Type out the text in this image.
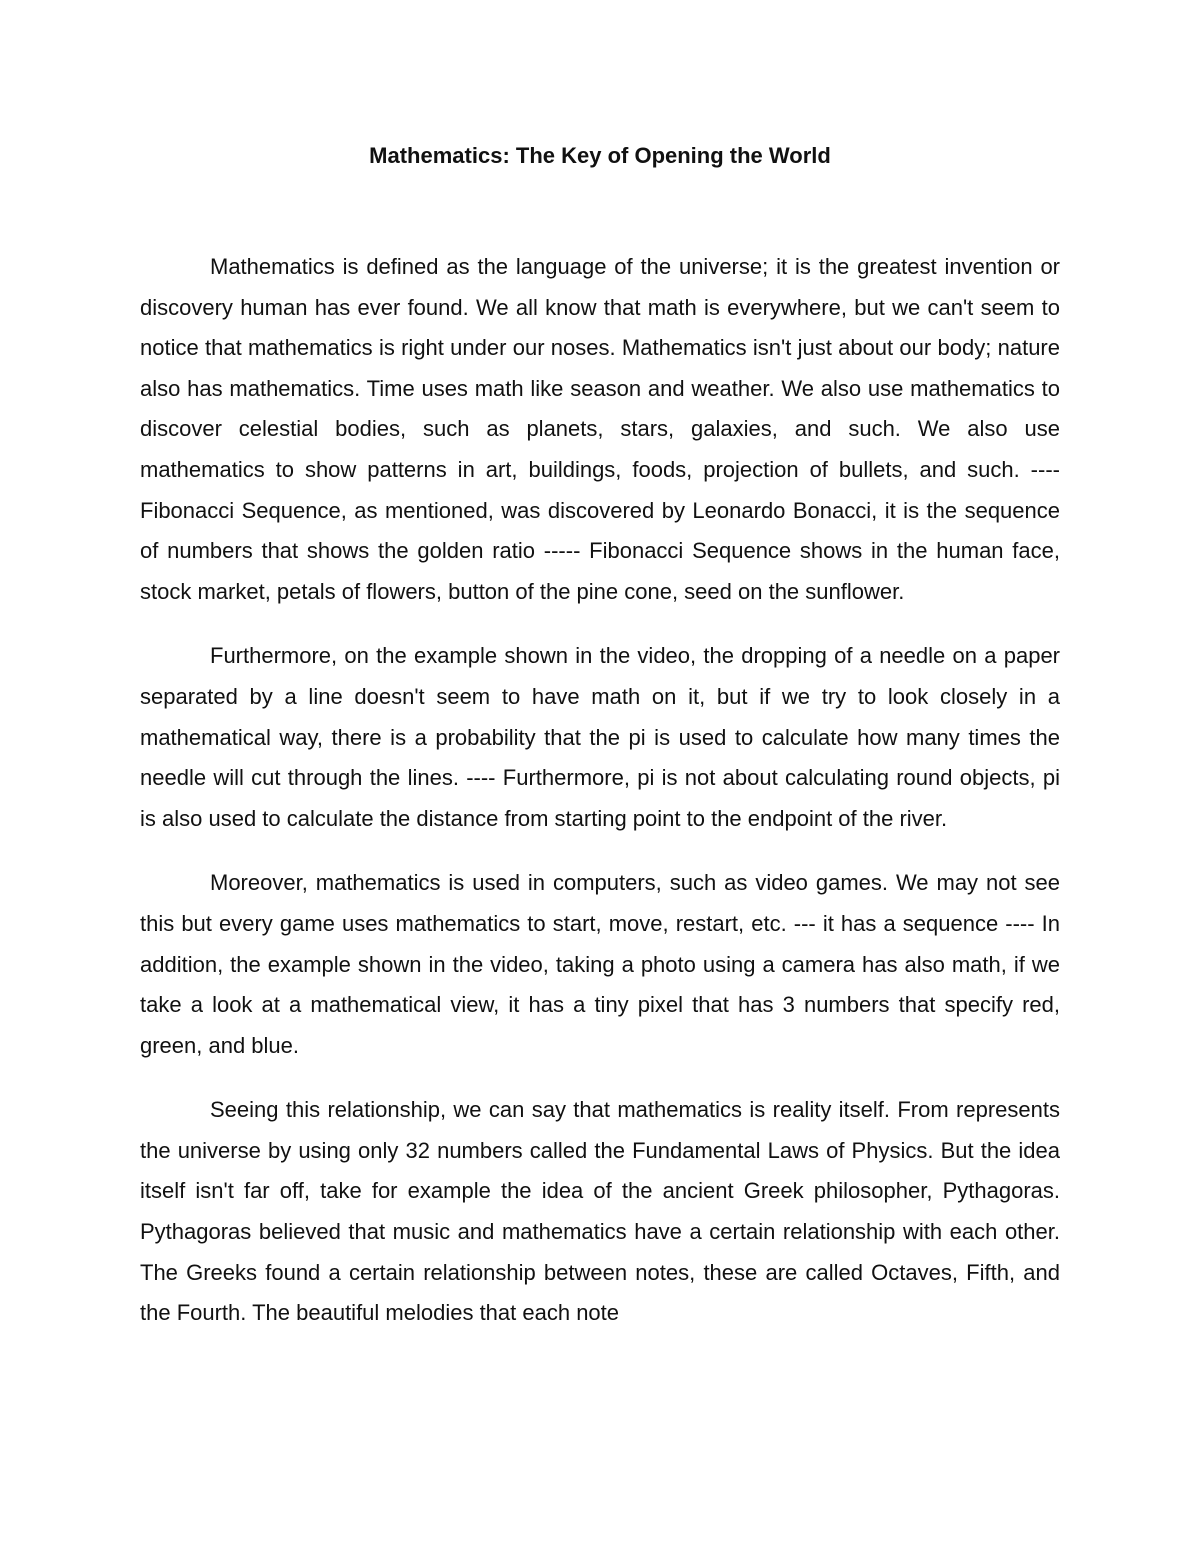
Mathematics: The Key of Opening the World

Mathematics is defined as the language of the universe; it is the greatest invention or discovery human has ever found. We all know that math is everywhere, but we can't seem to notice that mathematics is right under our noses. Mathematics isn't just about our body; nature also has mathematics. Time uses math like season and weather. We also use mathematics to discover celestial bodies, such as planets, stars, galaxies, and such. We also use mathematics to show patterns in art, buildings, foods, projection of bullets, and such. ---- Fibonacci Sequence, as mentioned, was discovered by Leonardo Bonacci, it is the sequence of numbers that shows the golden ratio ----- Fibonacci Sequence shows in the human face, stock market, petals of flowers, button of the pine cone, seed on the sunflower.

Furthermore, on the example shown in the video, the dropping of a needle on a paper separated by a line doesn't seem to have math on it, but if we try to look closely in a mathematical way, there is a probability that the pi is used to calculate how many times the needle will cut through the lines. ---- Furthermore, pi is not about calculating round objects, pi is also used to calculate the distance from starting point to the endpoint of the river.

Moreover, mathematics is used in computers, such as video games. We may not see this but every game uses mathematics to start, move, restart, etc. --- it has a sequence ---- In addition, the example shown in the video, taking a photo using a camera has also math, if we take a look at a mathematical view, it has a tiny pixel that has 3 numbers that specify red, green, and blue.

Seeing this relationship, we can say that mathematics is reality itself. From represents the universe by using only 32 numbers called the Fundamental Laws of Physics. But the idea itself isn't far off, take for example the idea of the ancient Greek philosopher, Pythagoras. Pythagoras believed that music and mathematics have a certain relationship with each other. The Greeks found a certain relationship between notes, these are called Octaves, Fifth, and the Fourth. The beautiful melodies that each note
